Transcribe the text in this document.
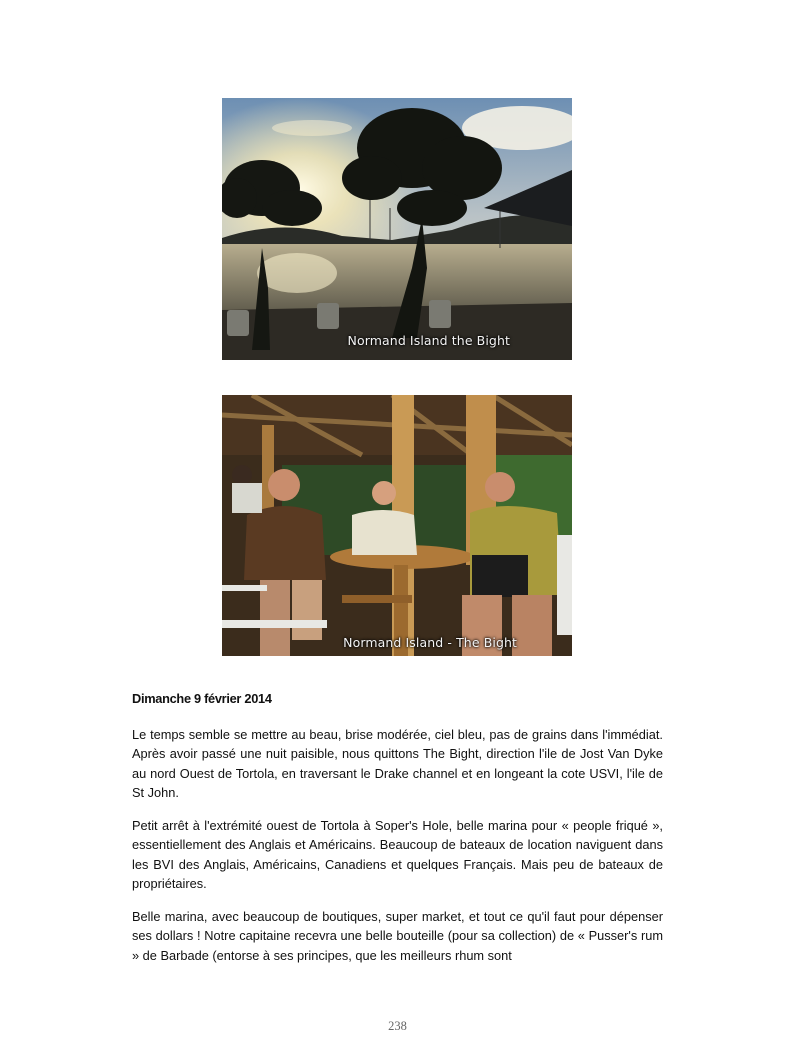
Normand Island the Bight
Normand Island - The Bight
Dimanche 9 février 2014

Le temps semble se mettre au beau, brise modérée, ciel bleu, pas de grains dans l'immédiat. Après avoir passé une nuit paisible, nous quittons The Bight, direction l'ile de Jost Van Dyke au nord Ouest de Tortola, en traversant le Drake channel et en longeant la cote USVI, l'ile de St John.

Petit arrêt à l'extrémité ouest de Tortola à Soper's Hole, belle marina pour « people friqué », essentiellement des Anglais et Américains. Beaucoup de bateaux de location naviguent dans les BVI des Anglais, Américains, Canadiens et quelques Français. Mais peu de bateaux de propriétaires.

Belle marina, avec beaucoup de boutiques, super market, et tout ce qu'il faut pour dépenser ses dollars ! Notre capitaine recevra une belle bouteille (pour sa collection) de « Pusser's rum » de Barbade (entorse à ses principes, que les meilleurs rhum sont

238
